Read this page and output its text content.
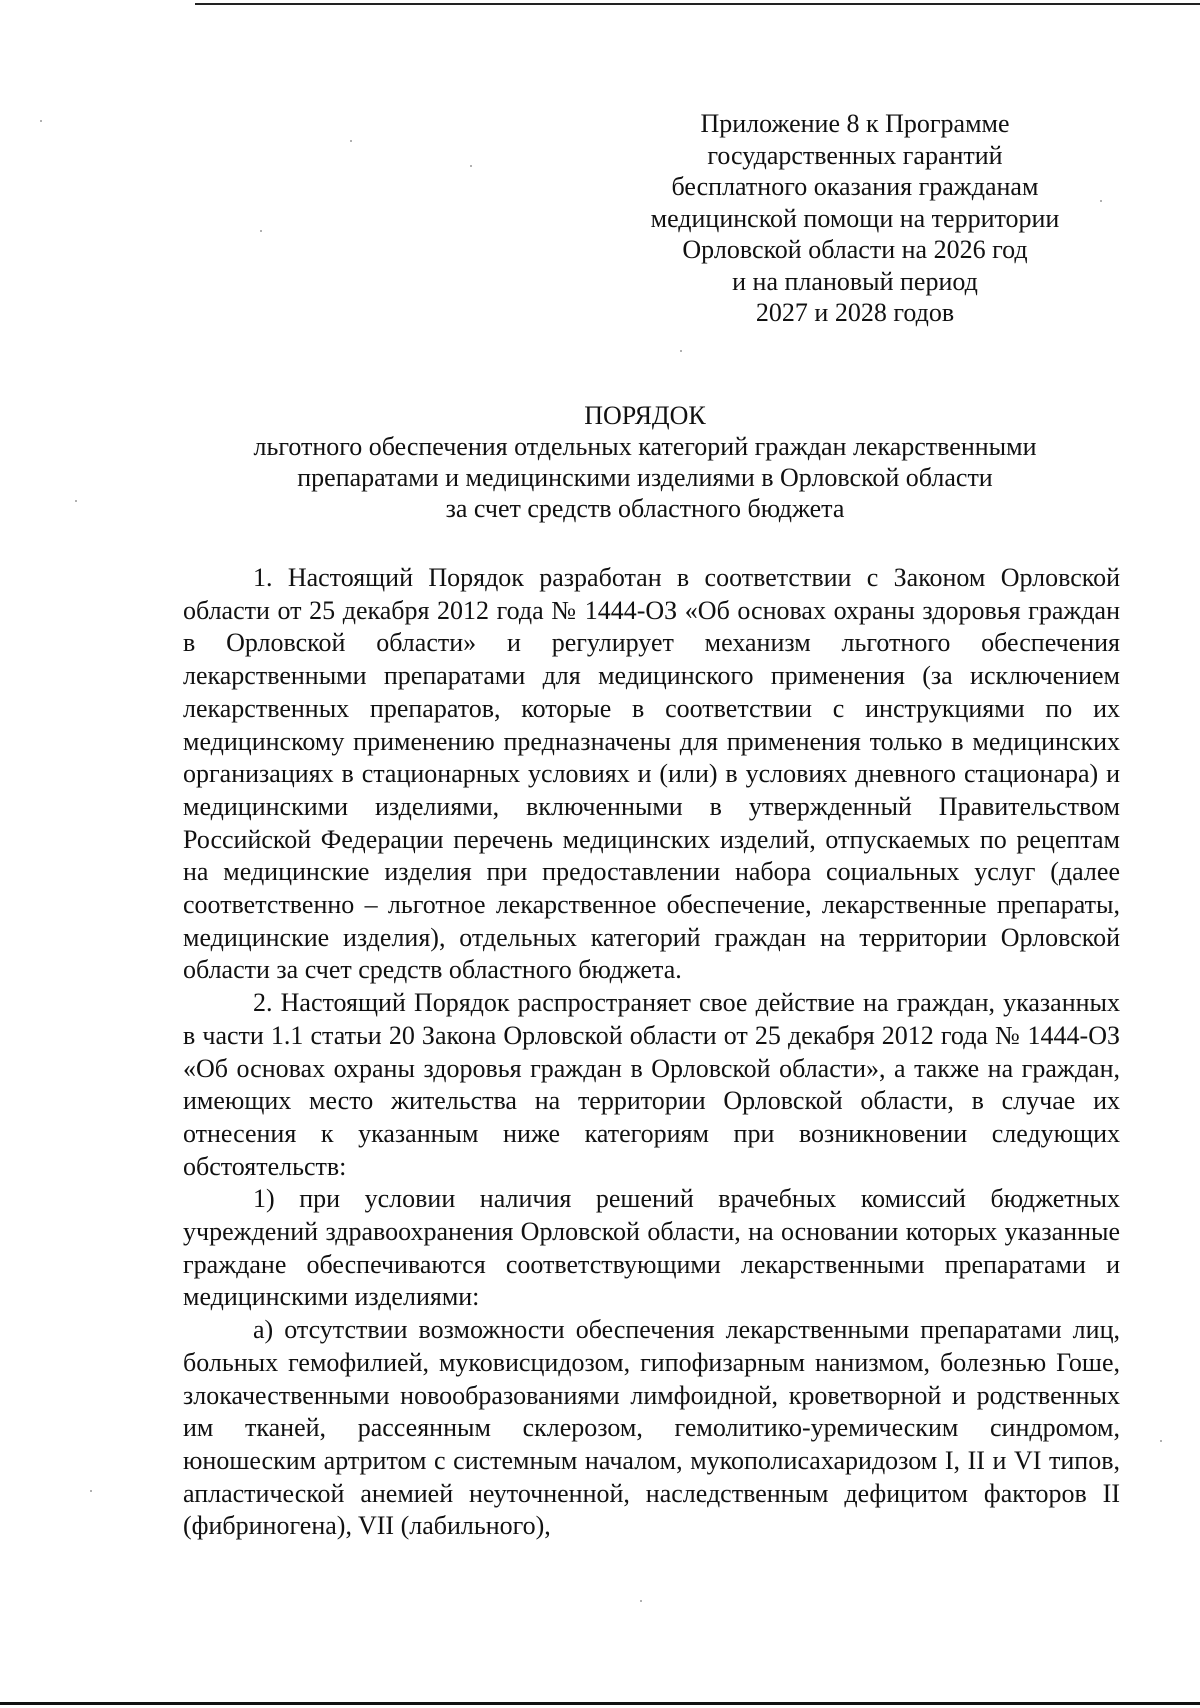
Приложение 8 к Программе
государственных гарантий
бесплатного оказания гражданам
медицинской помощи на территории
Орловской области на 2026 год
и на плановый период
2027 и 2028 годов
ПОРЯДОК
льготного обеспечения отдельных категорий граждан лекарственными
препаратами и медицинскими изделиями в Орловской области
за счет средств областного бюджета

1. Настоящий Порядок разработан в соответствии с Законом Орловской области от 25 декабря 2012 года № 1444-ОЗ «Об основах охраны здоровья граждан в Орловской области» и регулирует механизм льготного обеспечения лекарственными препаратами для медицинского применения (за исключением лекарственных препаратов, которые в соответствии с инструкциями по их медицинскому применению предназначены для применения только в медицинских организациях в стационарных условиях и (или) в условиях дневного стационара) и медицинскими изделиями, включенными в утвержденный Правительством Российской Федерации перечень медицинских изделий, отпускаемых по рецептам на медицинские изделия при предоставлении набора социальных услуг (далее соответственно – льготное лекарственное обеспечение, лекарственные препараты, медицинские изделия), отдельных категорий граждан на территории Орловской области за счет средств областного бюджета.

2. Настоящий Порядок распространяет свое действие на граждан, указанных в части 1.1 статьи 20 Закона Орловской области от 25 декабря 2012 года № 1444-ОЗ «Об основах охраны здоровья граждан в Орловской области», а также на граждан, имеющих место жительства на территории Орловской области, в случае их отнесения к указанным ниже категориям при возникновении следующих обстоятельств:

1) при условии наличия решений врачебных комиссий бюджетных учреждений здравоохранения Орловской области, на основании которых указанные граждане обеспечиваются соответствующими лекарственными препаратами и медицинскими изделиями:

а) отсутствии возможности обеспечения лекарственными препаратами лиц, больных гемофилией, муковисцидозом, гипофизарным нанизмом, болезнью Гоше, злокачественными новообразованиями лимфоидной, кроветворной и родственных им тканей, рассеянным склерозом, гемолитико-уремическим синдромом, юношеским артритом с системным началом, мукополисахаридозом I, II и VI типов, апластической анемией неуточненной, наследственным дефицитом факторов II (фибриногена), VII (лабильного),
